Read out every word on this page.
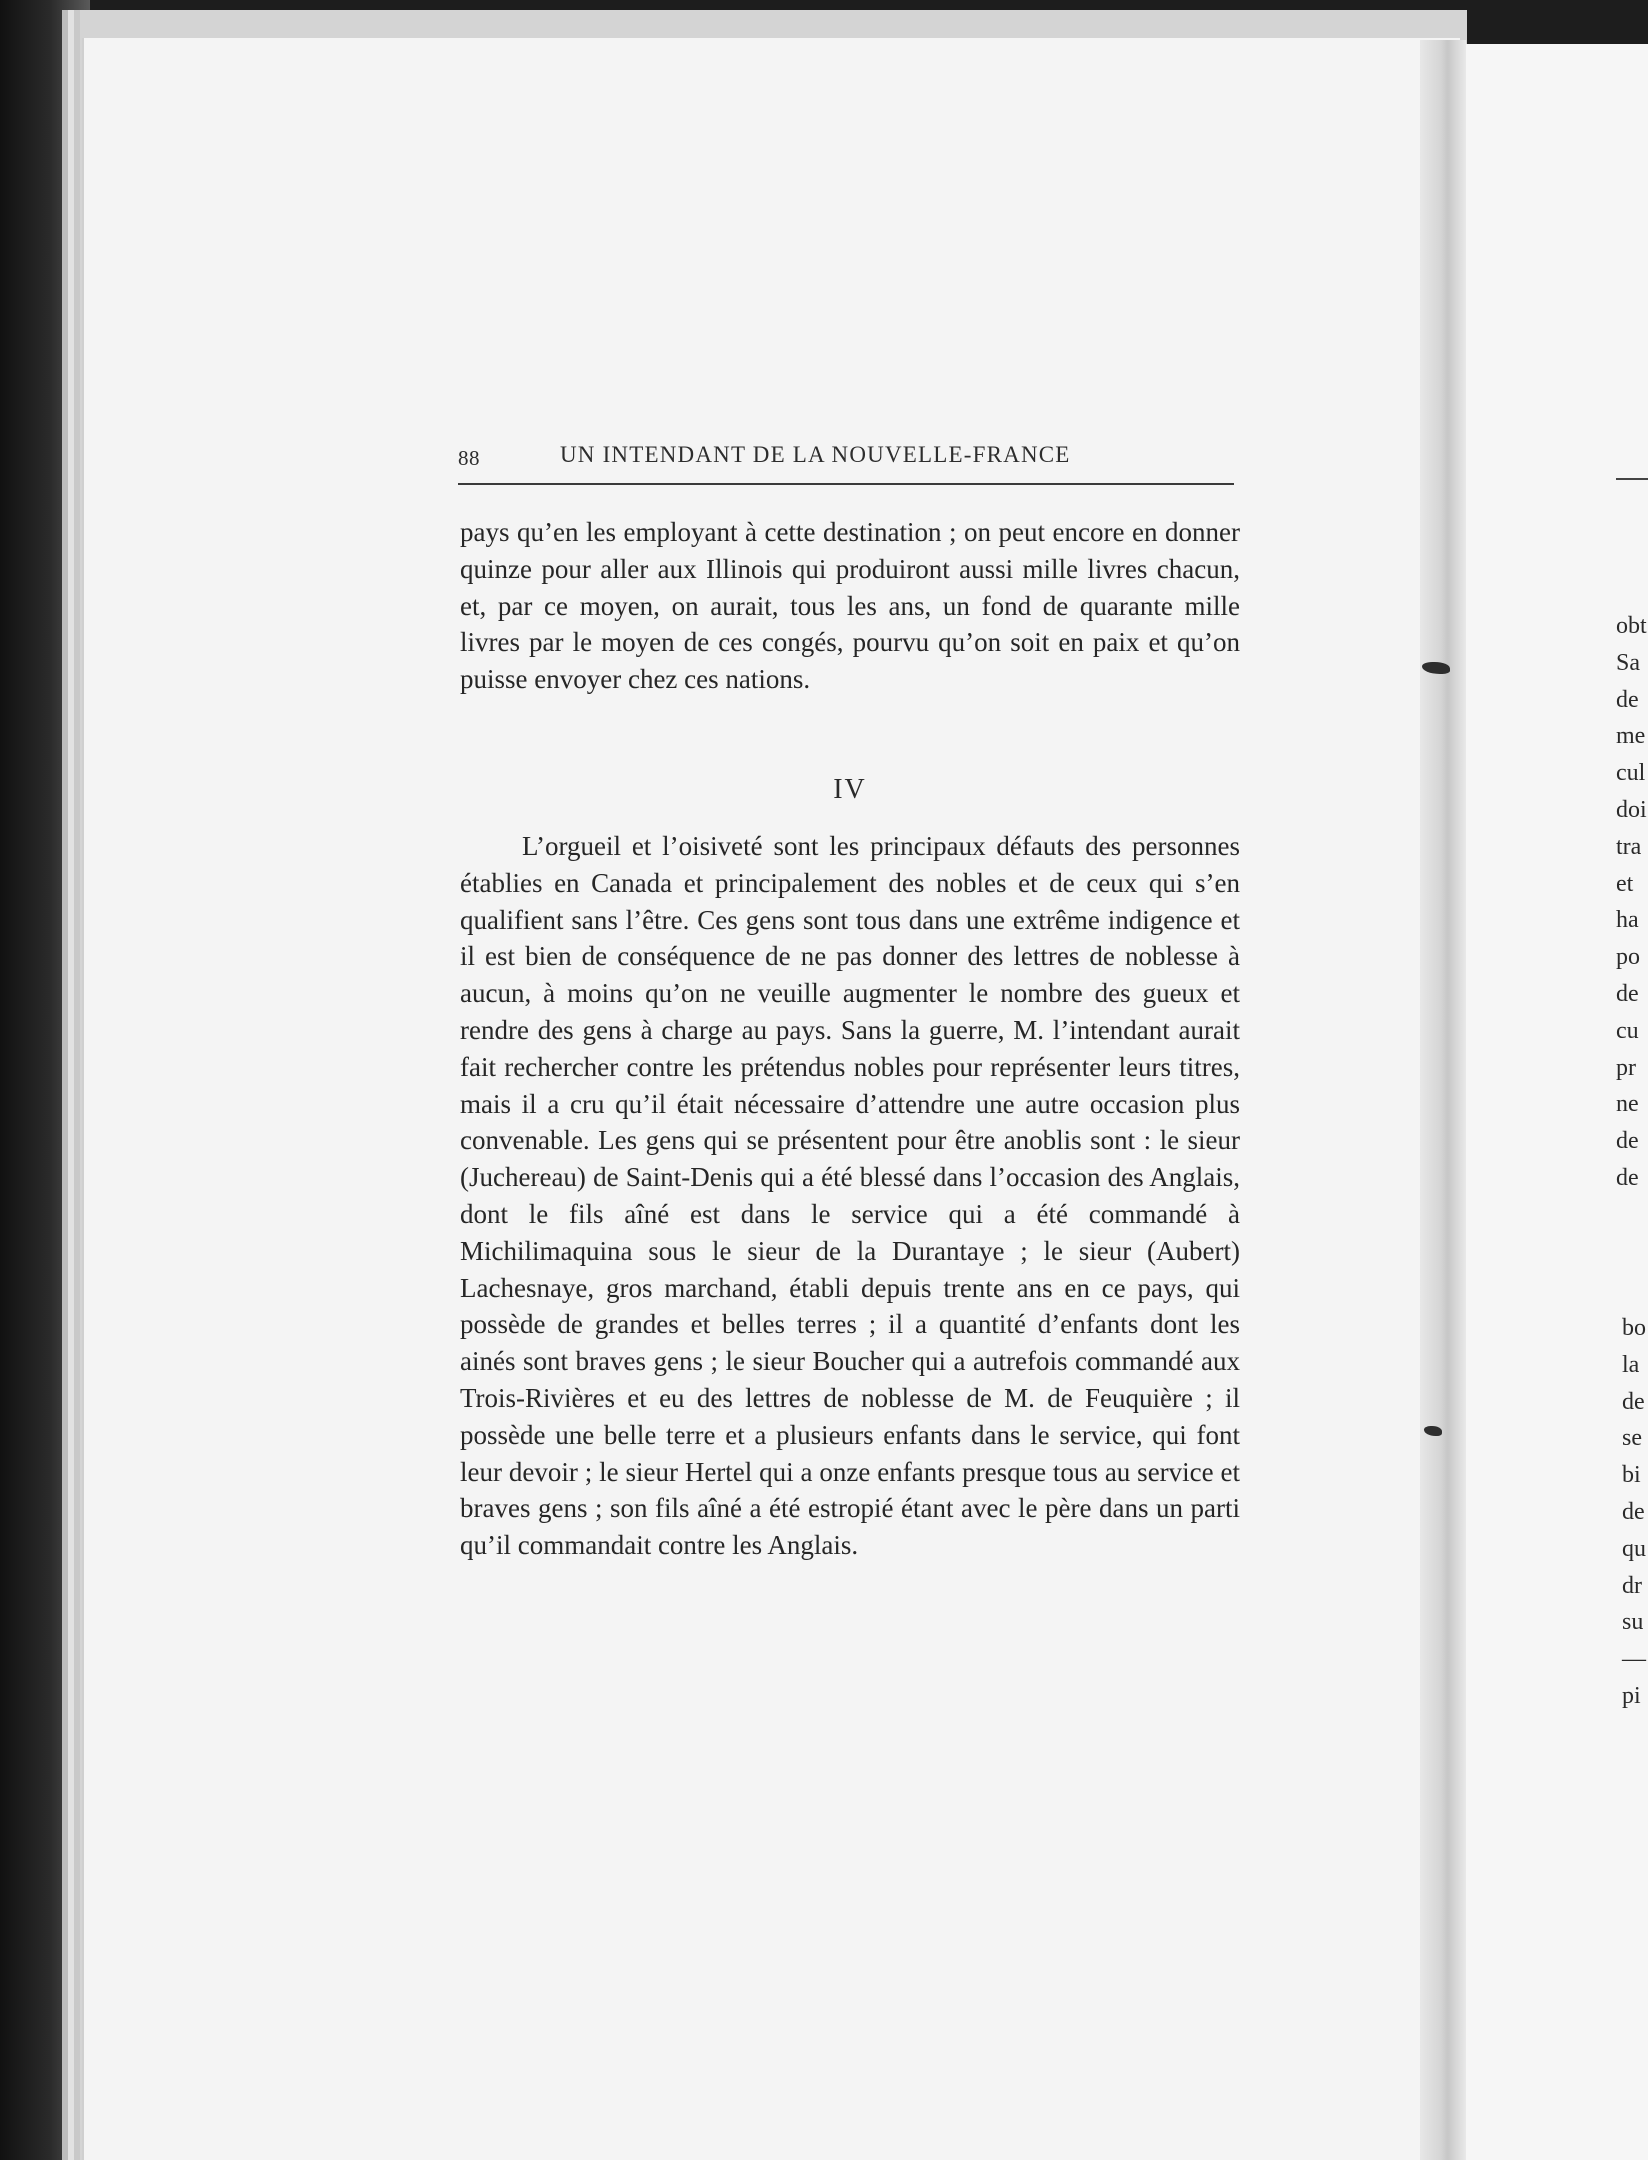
88	UN INTENDANT DE LA NOUVELLE-FRANCE

pays qu’en les employant à cette destination ; on peut encore en donner quinze pour aller aux Illinois qui produiront aussi mille livres chacun, et, par ce moyen, on aurait, tous les ans, un fond de quarante mille livres par le moyen de ces congés, pourvu qu’on soit en paix et qu’on puisse envoyer chez ces nations.

IV

L’orgueil et l’oisiveté sont les principaux défauts des personnes établies en Canada et principalement des nobles et de ceux qui s’en qualifient sans l’être. Ces gens sont tous dans une extrême indigence et il est bien de conséquence de ne pas donner des lettres de noblesse à aucun, à moins qu’on ne veuille augmenter le nombre des gueux et rendre des gens à charge au pays. Sans la guerre, M. l’intendant aurait fait rechercher contre les prétendus nobles pour représenter leurs titres, mais il a cru qu’il était nécessaire d’attendre une autre occasion plus convenable. Les gens qui se présentent pour être anoblis sont : le sieur (Juchereau) de Saint-Denis qui a été blessé dans l’occasion des Anglais, dont le fils aîné est dans le service qui a été commandé à Michilimaquina sous le sieur de la Durantaye ; le sieur (Aubert) Lachesnaye, gros marchand, établi depuis trente ans en ce pays, qui possède de grandes et belles terres ; il a quantité d’enfants dont les ainés sont braves gens ; le sieur Boucher qui a autrefois commandé aux Trois-Rivières et eu des lettres de noblesse de M. de Feuquière ; il possède une belle terre et a plusieurs enfants dans le service, qui font leur devoir ; le sieur Hertel qui a onze enfants presque tous au service et braves gens ; son fils aîné a été estropié étant avec le père dans un parti qu’il commandait contre les Anglais.

obt
Sa
de
me
cul
doi
tra
et
ha
po
de
cu
pr
ne
de
de

bo
la
de
se
bi
de
qu
dr
su
—
pi
